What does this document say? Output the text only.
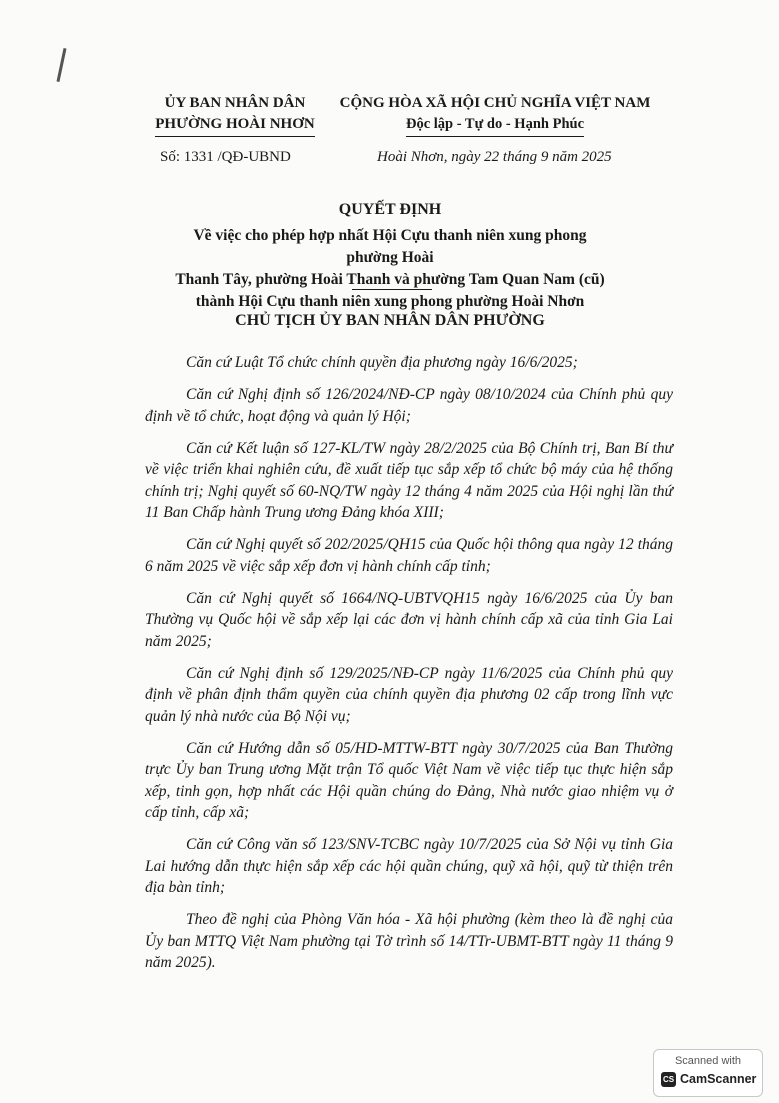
ỦY BAN NHÂN DÂN
PHƯỜNG HOÀI NHƠN
CỘNG HÒA XÃ HỘI CHỦ NGHĨA VIỆT NAM
Độc lập - Tự do - Hạnh Phúc
Số: 1331 /QĐ-UBND	Hoài Nhơn, ngày 22 tháng 9 năm 2025
QUYẾT ĐỊNH
Về việc cho phép hợp nhất Hội Cựu thanh niên xung phong phường Hoài
Thanh Tây, phường Hoài Thanh và phường Tam Quan Nam (cũ)
thành Hội Cựu thanh niên xung phong phường Hoài Nhơn
CHỦ TỊCH ỦY BAN NHÂN DÂN PHƯỜNG

Căn cứ Luật Tổ chức chính quyền địa phương ngày 16/6/2025;

Căn cứ Nghị định số 126/2024/NĐ-CP ngày 08/10/2024 của Chính phủ quy định về tổ chức, hoạt động và quản lý Hội;

Căn cứ Kết luận số 127-KL/TW ngày 28/2/2025 của Bộ Chính trị, Ban Bí thư về việc triển khai nghiên cứu, đề xuất tiếp tục sắp xếp tổ chức bộ máy của hệ thống chính trị; Nghị quyết số 60-NQ/TW ngày 12 tháng 4 năm 2025 của Hội nghị lần thứ 11 Ban Chấp hành Trung ương Đảng khóa XIII;

Căn cứ Nghị quyết số 202/2025/QH15 của Quốc hội thông qua ngày 12 tháng 6 năm 2025 về việc sắp xếp đơn vị hành chính cấp tỉnh;

Căn cứ Nghị quyết số 1664/NQ-UBTVQH15 ngày 16/6/2025 của Ủy ban Thường vụ Quốc hội về sắp xếp lại các đơn vị hành chính cấp xã của tỉnh Gia Lai năm 2025;

Căn cứ Nghị định số 129/2025/NĐ-CP ngày 11/6/2025 của Chính phủ quy định về phân định thẩm quyền của chính quyền địa phương 02 cấp trong lĩnh vực quản lý nhà nước của Bộ Nội vụ;

Căn cứ Hướng dẫn số 05/HD-MTTW-BTT ngày 30/7/2025 của Ban Thường trực Ủy ban Trung ương Mặt trận Tổ quốc Việt Nam về việc tiếp tục thực hiện sắp xếp, tinh gọn, hợp nhất các Hội quần chúng do Đảng, Nhà nước giao nhiệm vụ ở cấp tỉnh, cấp xã;

Căn cứ Công văn số 123/SNV-TCBC ngày 10/7/2025 của Sở Nội vụ tỉnh Gia Lai hướng dẫn thực hiện sắp xếp các hội quần chúng, quỹ xã hội, quỹ từ thiện trên địa bàn tỉnh;

Theo đề nghị của Phòng Văn hóa - Xã hội phường (kèm theo là đề nghị của Ủy ban MTTQ Việt Nam phường tại Tờ trình số 14/TTr-UBMT-BTT ngày 11 tháng 9 năm 2025).

Scanned with
CS CamScanner
